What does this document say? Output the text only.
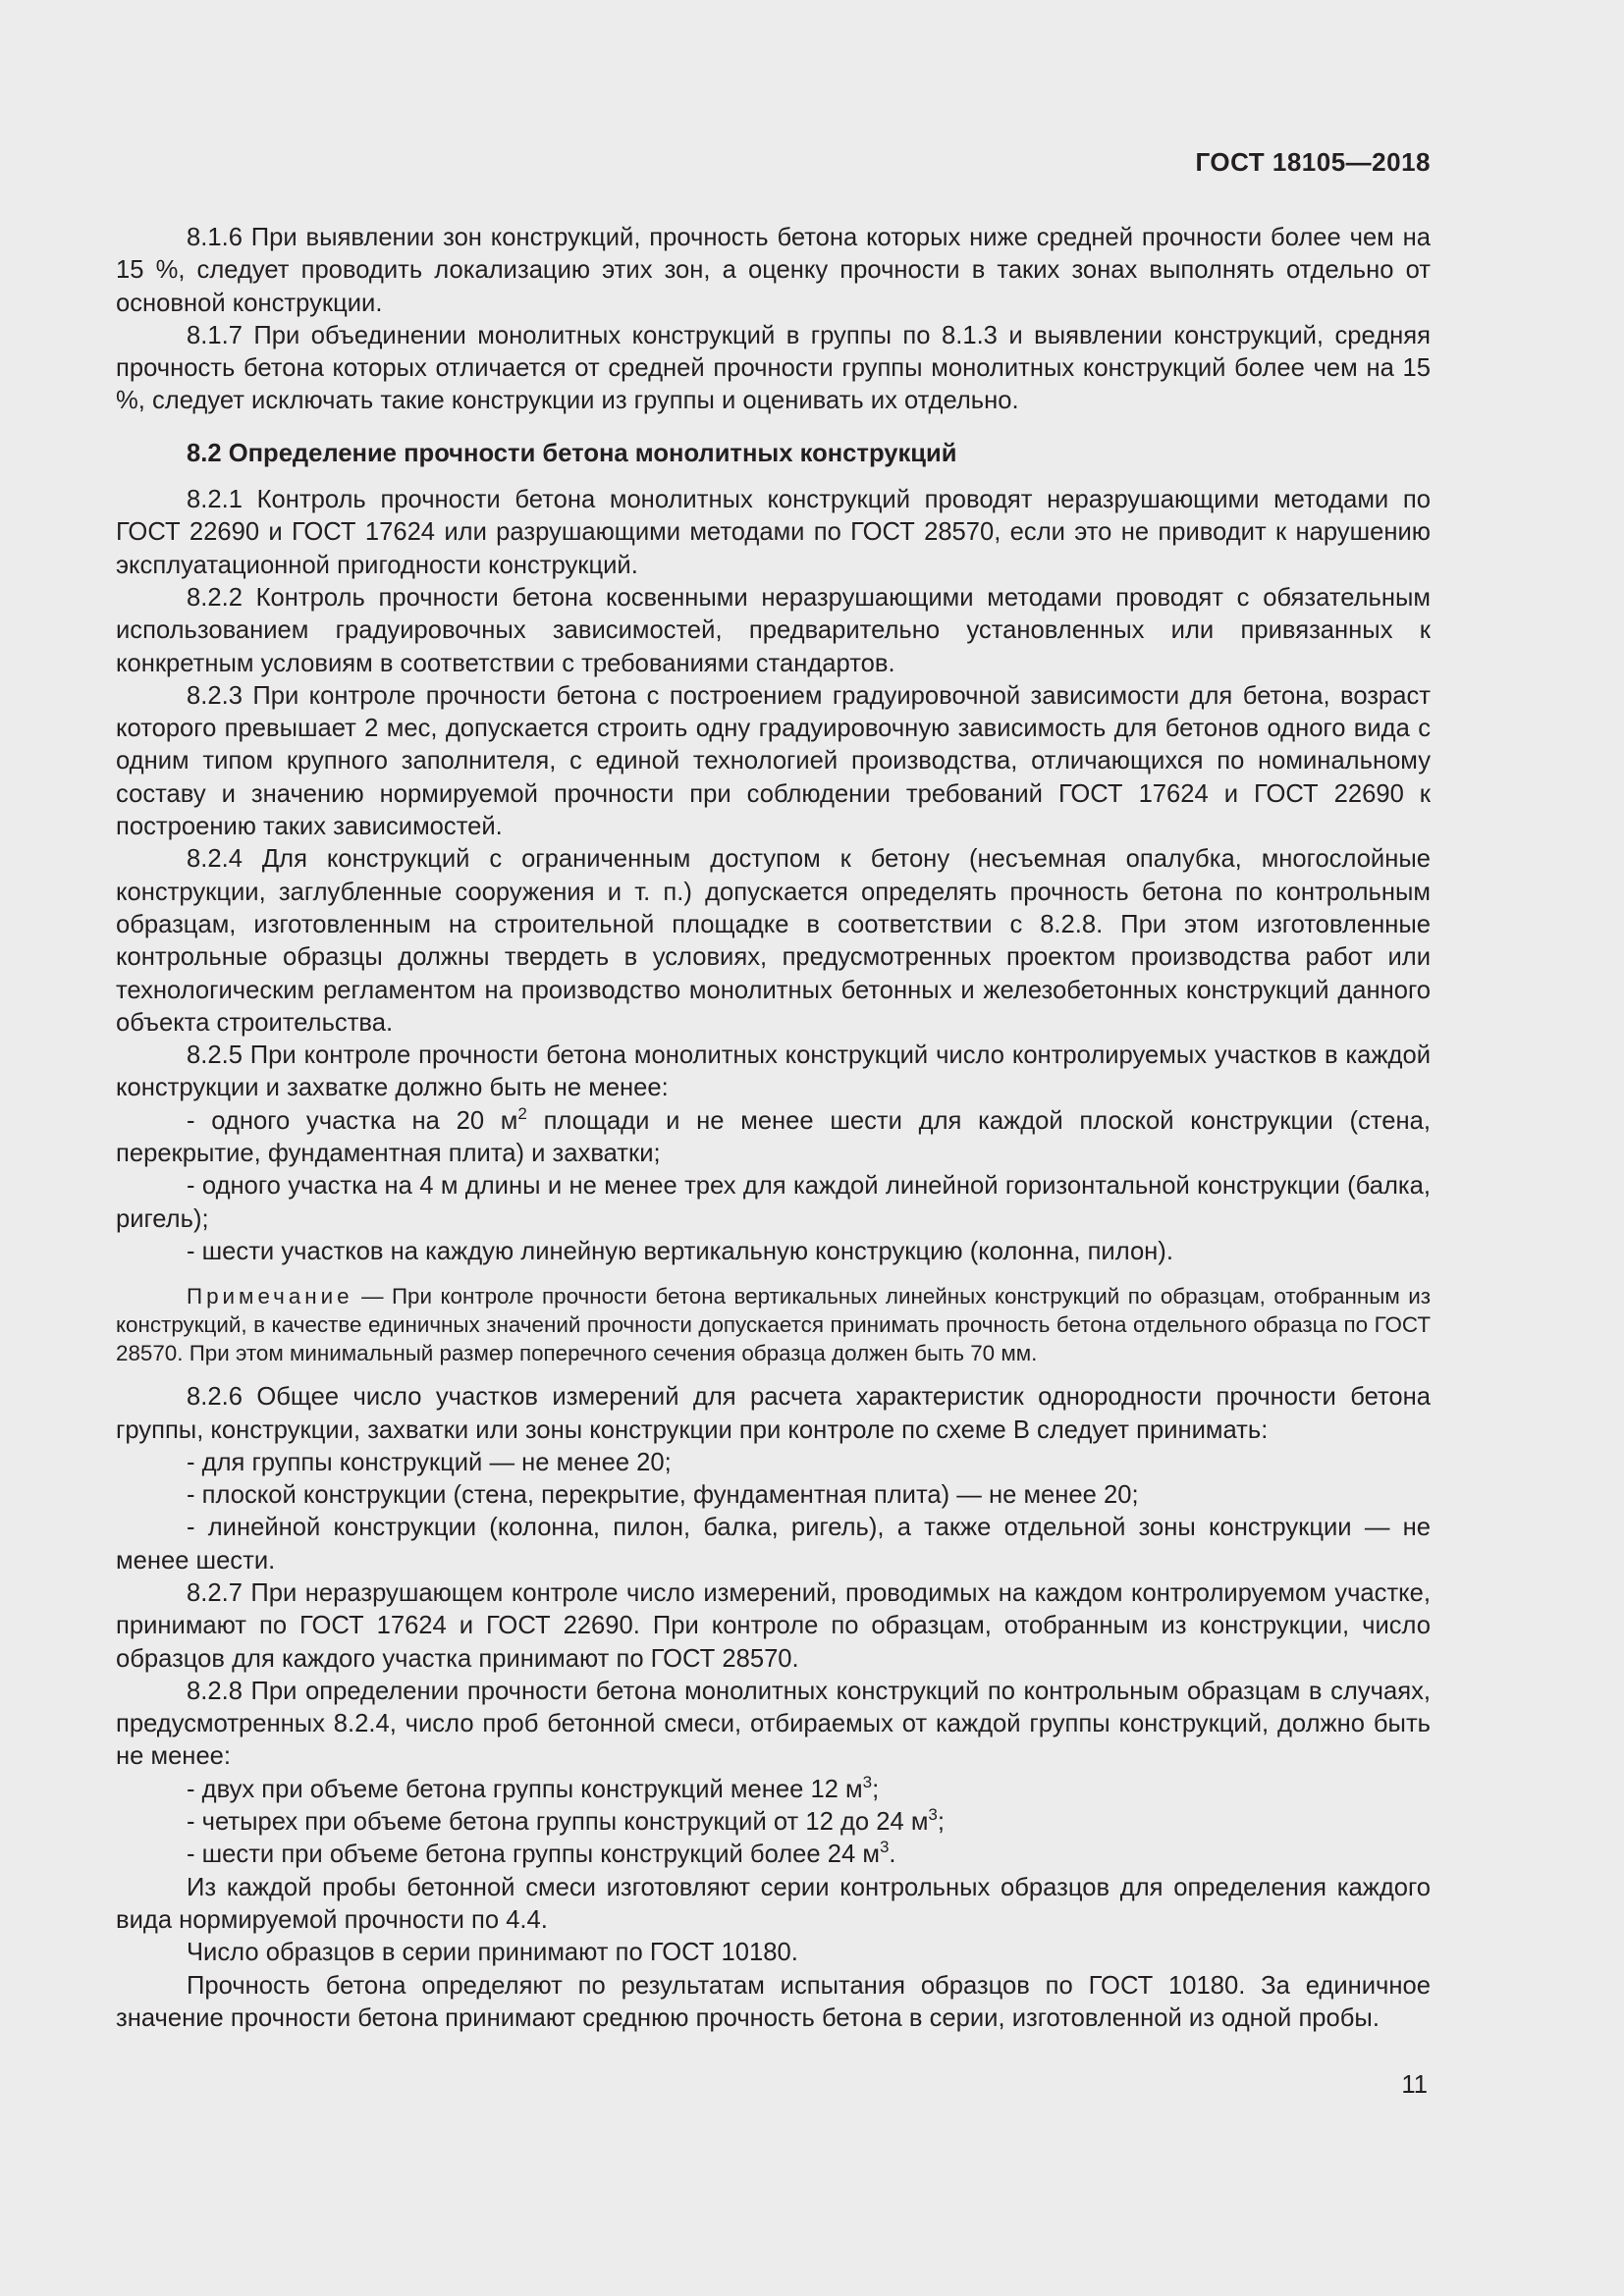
ГОСТ 18105—2018

8.1.6 При выявлении зон конструкций, прочность бетона которых ниже средней прочности более чем на 15 %, следует проводить локализацию этих зон, а оценку прочности в таких зонах выполнять отдельно от основной конструкции.

8.1.7 При объединении монолитных конструкций в группы по 8.1.3 и выявлении конструкций, средняя прочность бетона которых отличается от средней прочности группы монолитных конструкций более чем на 15 %, следует исключать такие конструкции из группы и оценивать их отдельно.

8.2 Определение прочности бетона монолитных конструкций

8.2.1 Контроль прочности бетона монолитных конструкций проводят неразрушающими методами по ГОСТ 22690 и ГОСТ 17624 или разрушающими методами по ГОСТ 28570, если это не приводит к нарушению эксплуатационной пригодности конструкций.

8.2.2 Контроль прочности бетона косвенными неразрушающими методами проводят с обязательным использованием градуировочных зависимостей, предварительно установленных или привязанных к конкретным условиям в соответствии с требованиями стандартов.

8.2.3 При контроле прочности бетона с построением градуировочной зависимости для бетона, возраст которого превышает 2 мес, допускается строить одну градуировочную зависимость для бетонов одного вида с одним типом крупного заполнителя, с единой технологией производства, отличающихся по номинальному составу и значению нормируемой прочности при соблюдении требований ГОСТ 17624 и ГОСТ 22690 к построению таких зависимостей.

8.2.4 Для конструкций с ограниченным доступом к бетону (несъемная опалубка, многослойные конструкции, заглубленные сооружения и т. п.) допускается определять прочность бетона по контрольным образцам, изготовленным на строительной площадке в соответствии с 8.2.8. При этом изготовленные контрольные образцы должны твердеть в условиях, предусмотренных проектом производства работ или технологическим регламентом на производство монолитных бетонных и железобетонных конструкций данного объекта строительства.

8.2.5 При контроле прочности бетона монолитных конструкций число контролируемых участков в каждой конструкции и захватке должно быть не менее:

- одного участка на 20 $м^2$ площади и не менее шести для каждой плоской конструкции (стена, перекрытие, фундаментная плита) и захватки;

- одного участка на 4 м длины и не менее трех для каждой линейной горизонтальной конструкции (балка, ригель);

- шести участков на каждую линейную вертикальную конструкцию (колонна, пилон).

Примечание — При контроле прочности бетона вертикальных линейных конструкций по образцам, отобранным из конструкций, в качестве единичных значений прочности допускается принимать прочность бетона отдельного образца по ГОСТ 28570. При этом минимальный размер поперечного сечения образца должен быть 70 мм.

8.2.6 Общее число участков измерений для расчета характеристик однородности прочности бетона группы, конструкции, захватки или зоны конструкции при контроле по схеме В следует принимать:

- для группы конструкций — не менее 20;

- плоской конструкции (стена, перекрытие, фундаментная плита) — не менее 20;

- линейной конструкции (колонна, пилон, балка, ригель), а также отдельной зоны конструкции — не менее шести.

8.2.7 При неразрушающем контроле число измерений, проводимых на каждом контролируемом участке, принимают по ГОСТ 17624 и ГОСТ 22690. При контроле по образцам, отобранным из конструкции, число образцов для каждого участка принимают по ГОСТ 28570.

8.2.8 При определении прочности бетона монолитных конструкций по контрольным образцам в случаях, предусмотренных 8.2.4, число проб бетонной смеси, отбираемых от каждой группы конструкций, должно быть не менее:

- двух при объеме бетона группы конструкций менее 12 $м^3$;

- четырех при объеме бетона группы конструкций от 12 до 24 $м^3$;

- шести при объеме бетона группы конструкций более 24 $м^3$.

Из каждой пробы бетонной смеси изготовляют серии контрольных образцов для определения каждого вида нормируемой прочности по 4.4.

Число образцов в серии принимают по ГОСТ 10180.

Прочность бетона определяют по результатам испытания образцов по ГОСТ 10180. За единичное значение прочности бетона принимают среднюю прочность бетона в серии, изготовленной из одной пробы.

11
